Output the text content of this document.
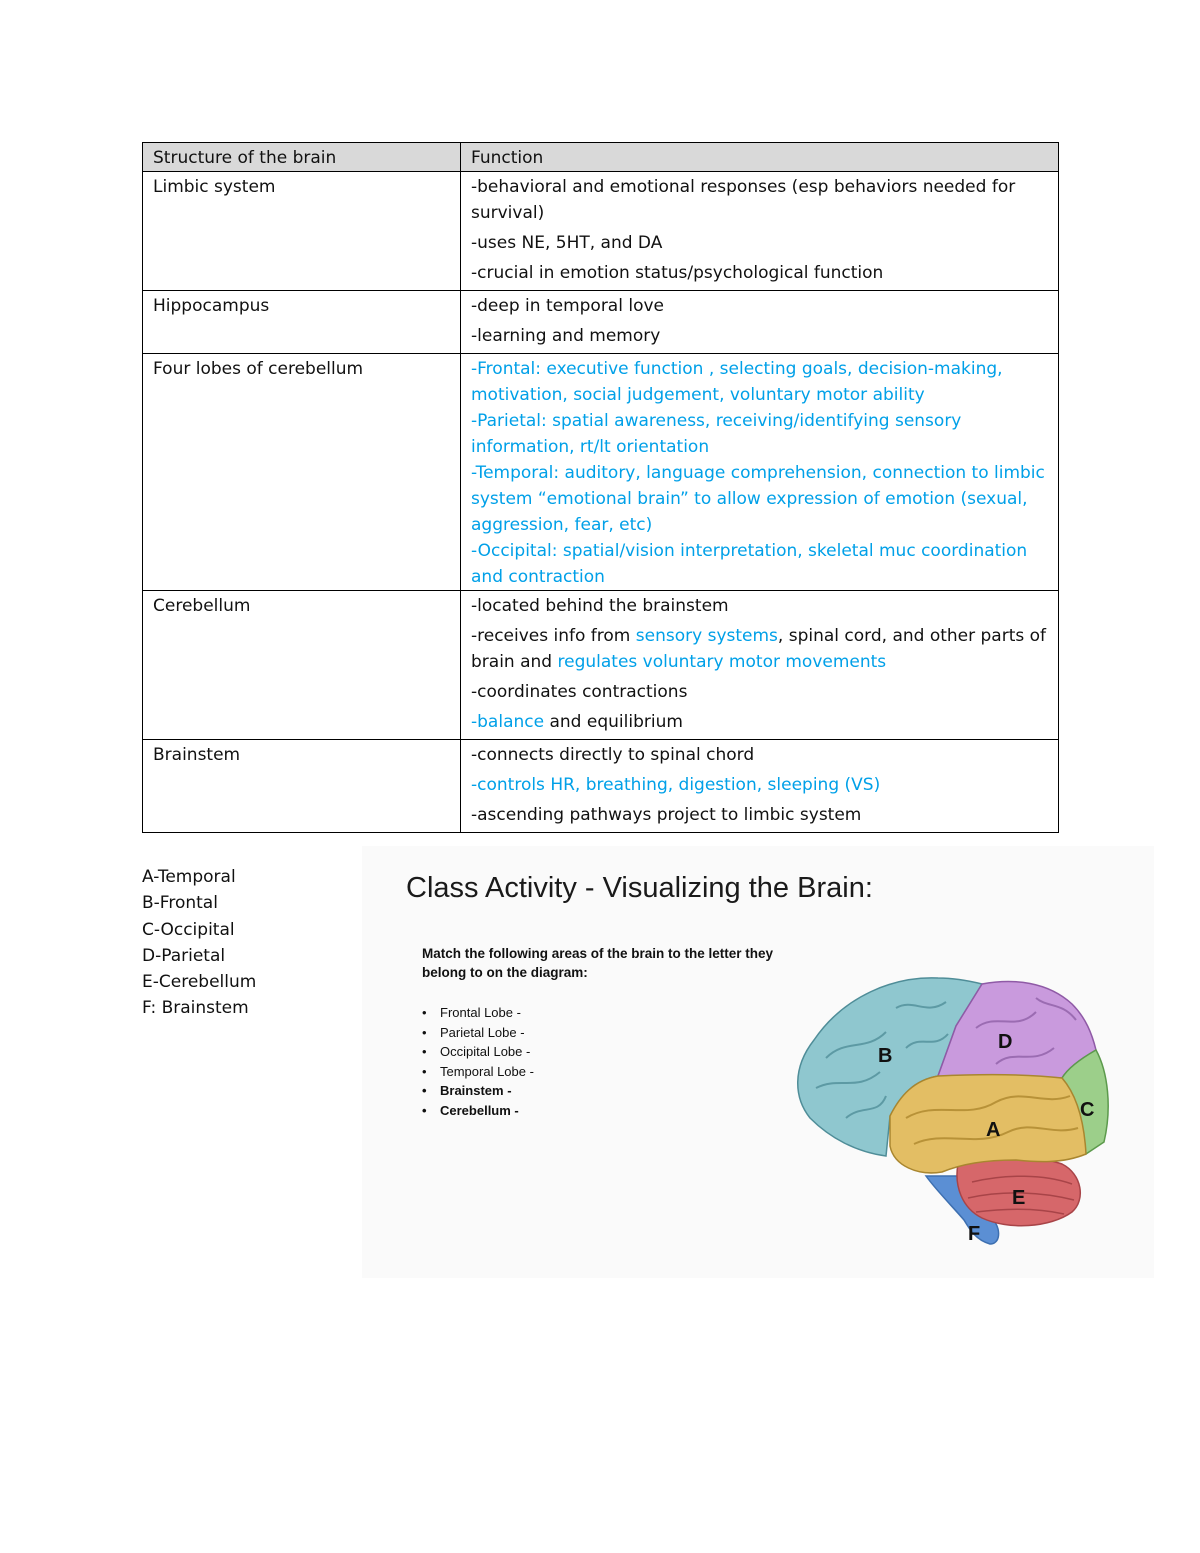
Structure of the brain	Function
Limbic system	-behavioral and emotional responses (esp behaviors needed for survival)
-uses NE, 5HT, and DA
-crucial in emotion status/psychological function

Hippocampus	-deep in temporal love
-learning and memory

Four lobes of cerebellum	-Frontal: executive function , selecting goals, decision-making, motivation, social judgement, voluntary motor ability
-Parietal: spatial awareness, receiving/identifying sensory information, rt/lt orientation
-Temporal: auditory, language comprehension, connection to limbic system “emotional brain” to allow expression of emotion (sexual, aggression, fear, etc)
-Occipital: spatial/vision interpretation, skeletal muc coordination and contraction

Cerebellum	-located behind the brainstem
-receives info from sensory systems, spinal cord, and other parts of brain and regulates voluntary motor movements
-coordinates contractions
-balance and equilibrium

Brainstem	-connects directly to spinal chord
-controls HR, breathing, digestion, sleeping (VS)
-ascending pathways project to limbic system
A-Temporal
B-Frontal
C-Occipital
D-Parietal
E-Cerebellum
F: Brainstem
Class Activity - Visualizing the Brain:
Match the following areas of the brain to the letter they belong to on the diagram:
• Frontal Lobe -
• Parietal Lobe -
• Occipital Lobe -
• Temporal Lobe -
• Brainstem -
• Cerebellum -
B
D
C
A
E
F
